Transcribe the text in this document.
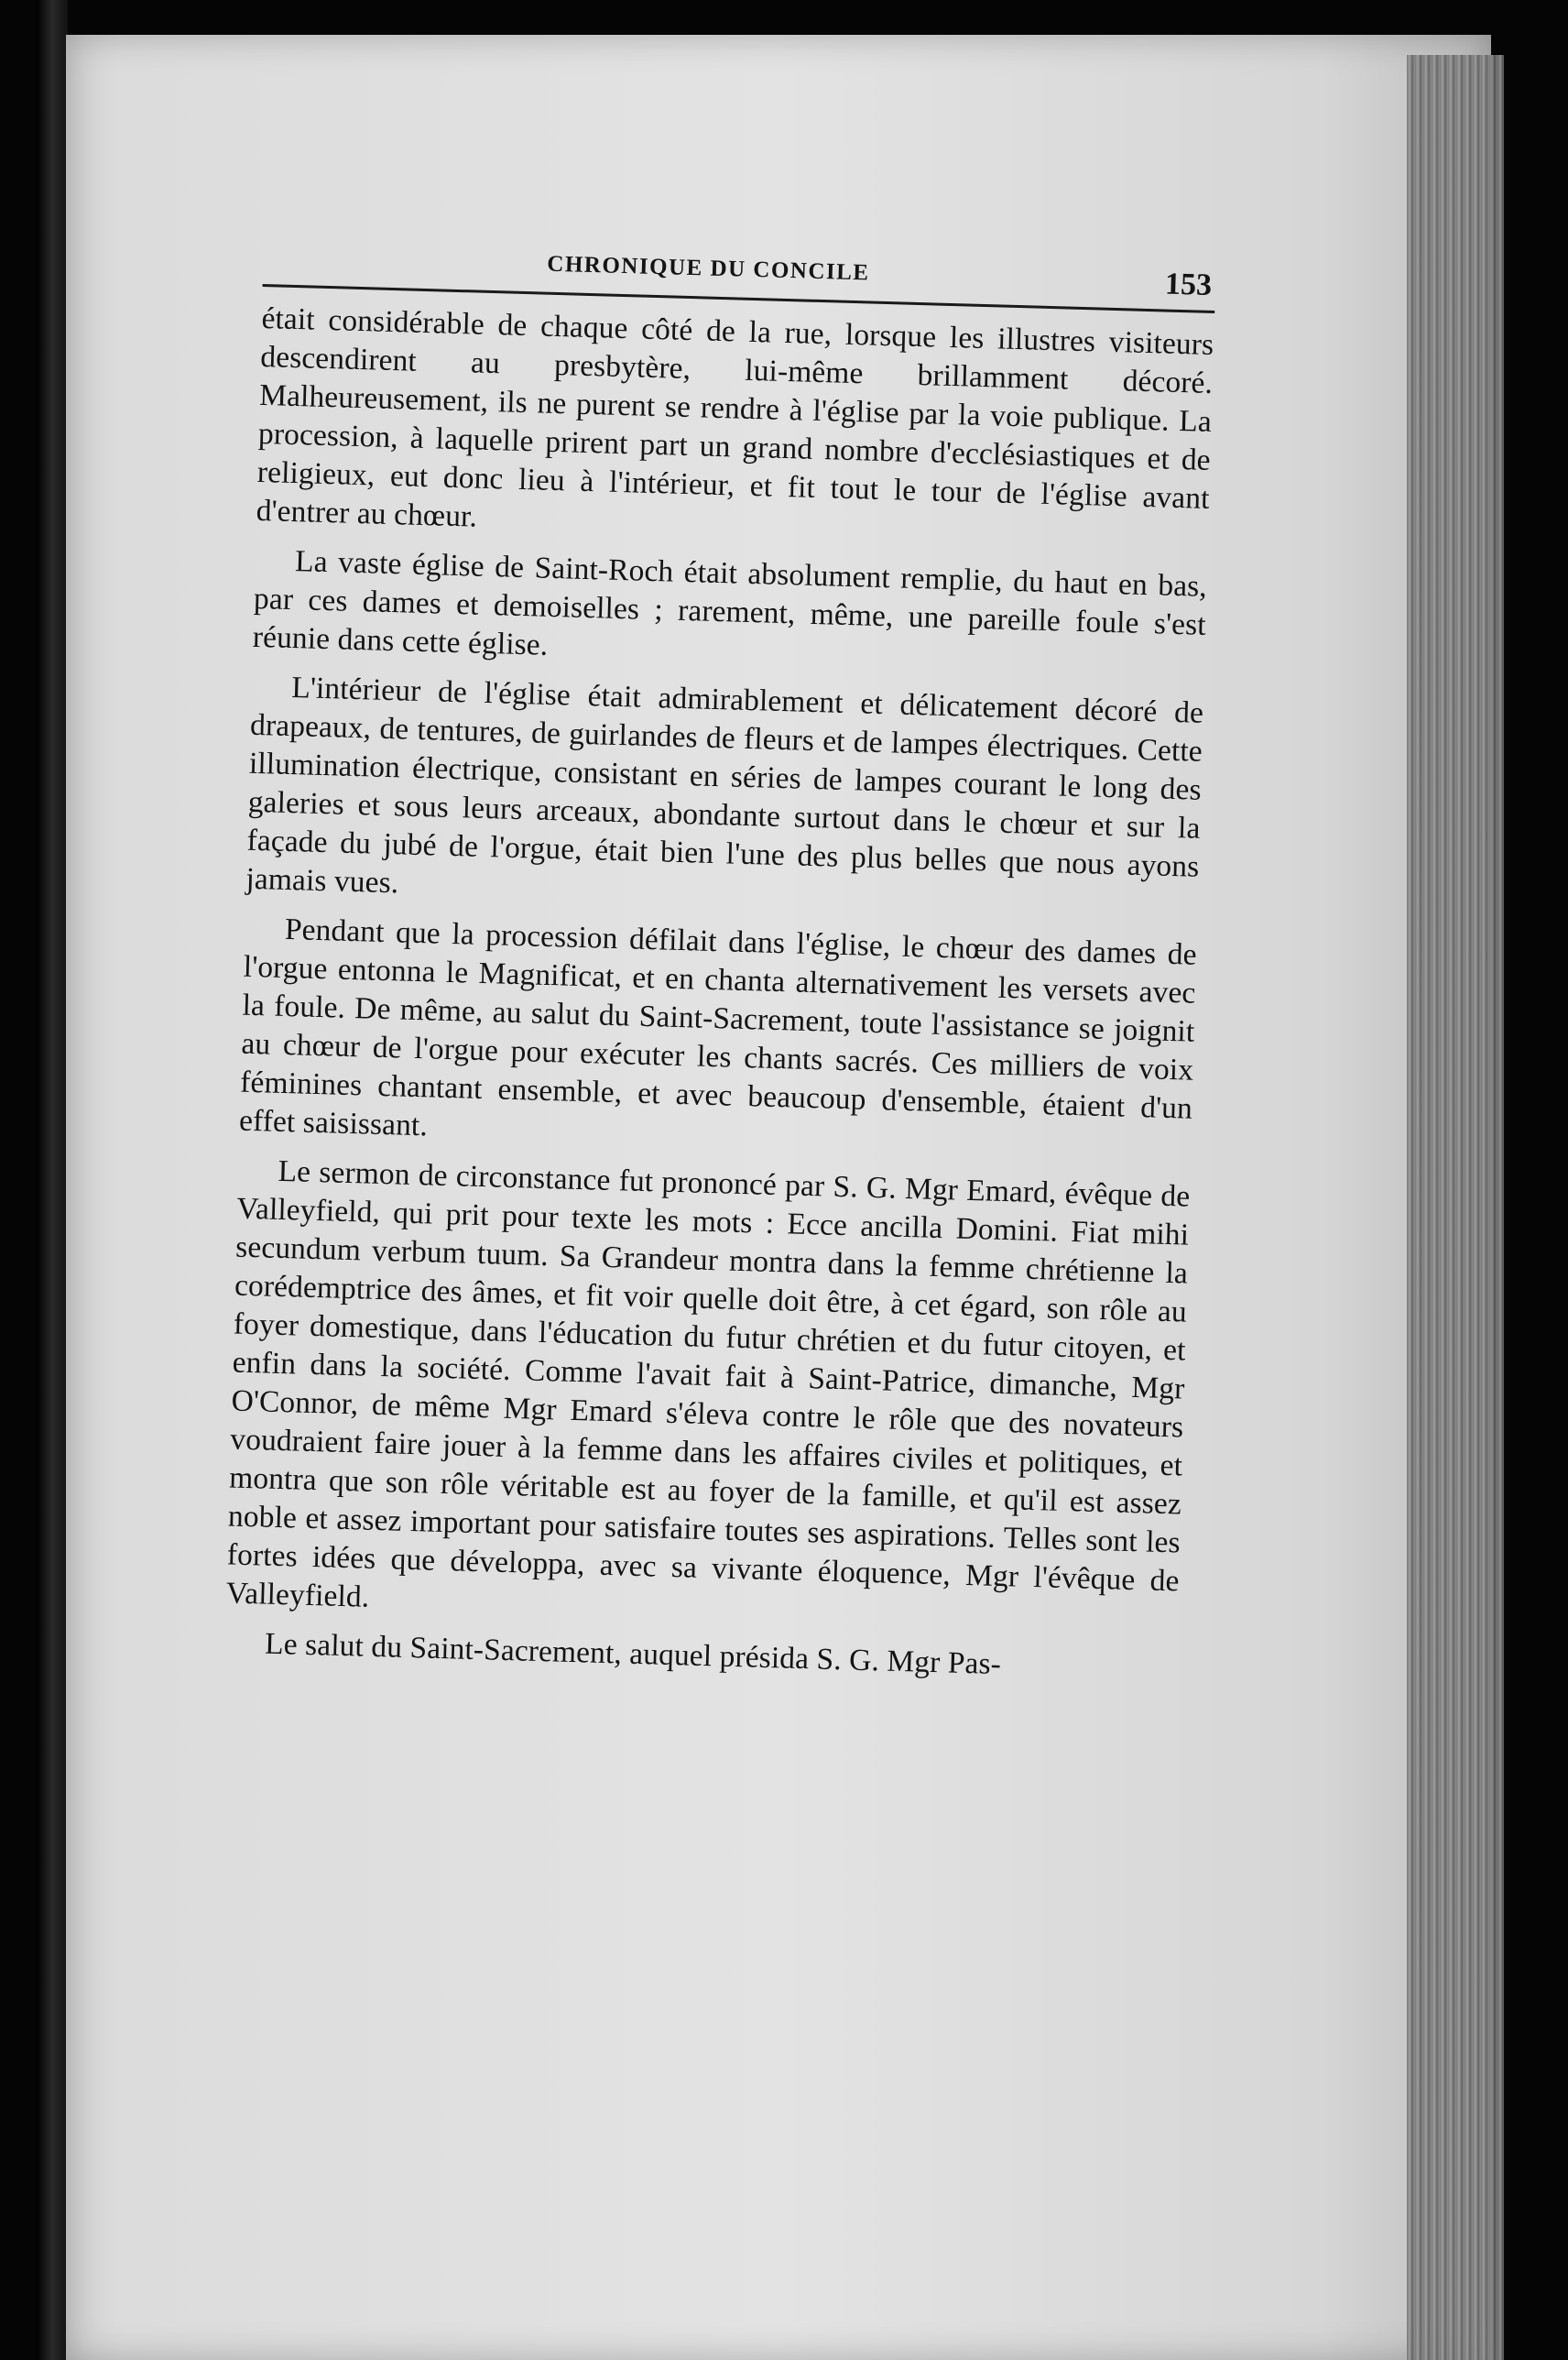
CHRONIQUE DU CONCILE	153

était considérable de chaque côté de la rue, lorsque les illustres visiteurs descendirent au presbytère, lui-même brillamment décoré. Malheureusement, ils ne purent se rendre à l'église par la voie publique. La procession, à laquelle prirent part un grand nombre d'ecclésiastiques et de religieux, eut donc lieu à l'intérieur, et fit tout le tour de l'église avant d'entrer au chœur.

La vaste église de Saint-Roch était absolument remplie, du haut en bas, par ces dames et demoiselles ; rarement, même, une pareille foule s'est réunie dans cette église.

L'intérieur de l'église était admirablement et délicatement décoré de drapeaux, de tentures, de guirlandes de fleurs et de lampes électriques. Cette illumination électrique, consistant en séries de lampes courant le long des galeries et sous leurs arceaux, abondante surtout dans le chœur et sur la façade du jubé de l'orgue, était bien l'une des plus belles que nous ayons jamais vues.

Pendant que la procession défilait dans l'église, le chœur des dames de l'orgue entonna le Magnificat, et en chanta alternativement les versets avec la foule. De même, au salut du Saint-Sacrement, toute l'assistance se joignit au chœur de l'orgue pour exécuter les chants sacrés. Ces milliers de voix féminines chantant ensemble, et avec beaucoup d'ensemble, étaient d'un effet saisissant.

Le sermon de circonstance fut prononcé par S. G. Mgr Emard, évêque de Valleyfield, qui prit pour texte les mots : Ecce ancilla Domini. Fiat mihi secundum verbum tuum. Sa Grandeur montra dans la femme chrétienne la corédemptrice des âmes, et fit voir quelle doit être, à cet égard, son rôle au foyer domestique, dans l'éducation du futur chrétien et du futur citoyen, et enfin dans la société. Comme l'avait fait à Saint-Patrice, dimanche, Mgr O'Connor, de même Mgr Emard s'éleva contre le rôle que des novateurs voudraient faire jouer à la femme dans les affaires civiles et politiques, et montra que son rôle véritable est au foyer de la famille, et qu'il est assez noble et assez important pour satisfaire toutes ses aspirations. Telles sont les fortes idées que développa, avec sa vivante éloquence, Mgr l'évêque de Valleyfield.

Le salut du Saint-Sacrement, auquel présida S. G. Mgr Pas-
